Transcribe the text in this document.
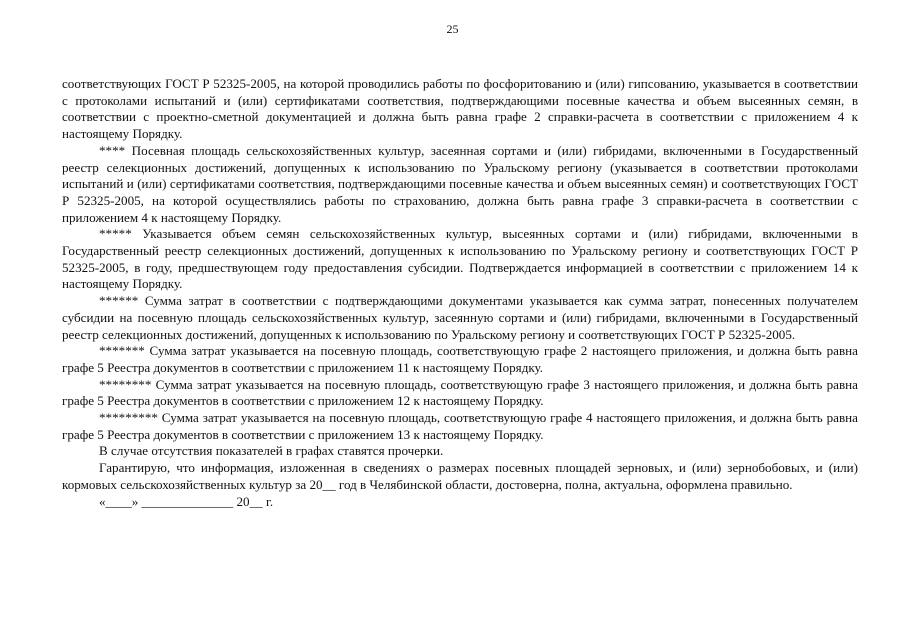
25

соответствующих ГОСТ Р 52325-2005, на которой проводились работы по фосфоритованию и (или) гипсованию, указывается в соответствии с протоколами испытаний и (или) сертификатами соответствия, подтверждающими посевные качества и объем высеянных семян, в соответствии с проектно-сметной документацией и должна быть равна графе 2 справки-расчета в соответствии с приложением 4 к настоящему Порядку.

**** Посевная площадь сельскохозяйственных культур, засеянная сортами и (или) гибридами, включенными в Государственный реестр селекционных достижений, допущенных к использованию по Уральскому региону (указывается в соответствии протоколами испытаний и (или) сертификатами соответствия, подтверждающими посевные качества и объем высеянных семян) и соответствующих ГОСТ Р 52325-2005, на которой осуществлялись работы по страхованию, должна быть равна графе 3 справки-расчета в соответствии с приложением 4 к настоящему Порядку.

***** Указывается объем семян сельскохозяйственных культур, высеянных сортами и (или) гибридами, включенными в Государственный реестр селекционных достижений, допущенных к использованию по Уральскому региону и соответствующих ГОСТ Р 52325-2005, в году, предшествующем году предоставления субсидии. Подтверждается информацией в соответствии с приложением 14 к настоящему Порядку.

****** Сумма затрат в соответствии с подтверждающими документами указывается как сумма затрат, понесенных получателем субсидии на посевную площадь сельскохозяйственных культур, засеянную сортами и (или) гибридами, включенными в Государственный реестр селекционных достижений, допущенных к использованию по Уральскому региону и соответствующих ГОСТ Р 52325-2005.

******* Сумма затрат указывается на посевную площадь, соответствующую графе 2 настоящего приложения, и должна быть равна графе 5 Реестра документов в соответствии с приложением 11 к настоящему Порядку.

******** Сумма затрат указывается на посевную площадь, соответствующую графе 3 настоящего приложения, и должна быть равна графе 5 Реестра документов в соответствии с приложением 12 к настоящему Порядку.

********* Сумма затрат указывается на посевную площадь, соответствующую графе 4 настоящего приложения, и должна быть равна графе 5 Реестра документов в соответствии с приложением 13 к настоящему Порядку.

В случае отсутствия показателей в графах ставятся прочерки.

Гарантирую, что информация, изложенная в сведениях о размерах посевных площадей зерновых, и (или) зернобобовых, и (или) кормовых сельскохозяйственных культур за 20__ год в Челябинской области, достоверна, полна, актуальна, оформлена правильно.

«____» ______________ 20__ г.
